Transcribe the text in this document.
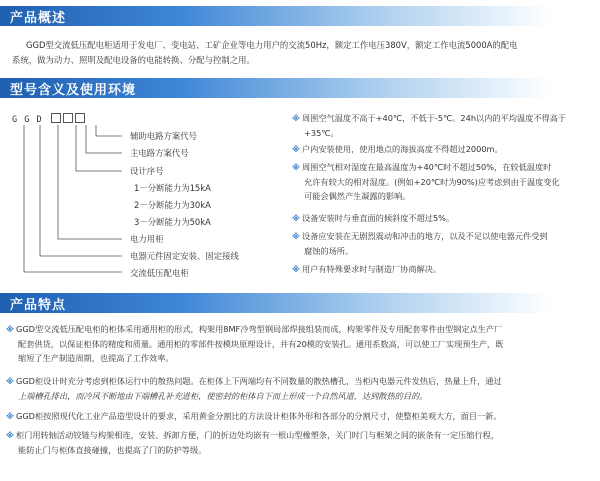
产品概述
GGD型交流低压配电柜适用于发电厂、变电站、工矿企业等电力用户的交流50Hz，额定工作电压380V，额定工作电流5000A的配电
系统，做为动力、照明及配电设备的电能转换、分配与控制之用。
型号含义及使用环境
G G D
辅助电路方案代号
主电路方案代号
设计序号
1－分断能力为15kA
2－分断能力为30kA
3－分断能力为50kA
电力用柜
电器元件固定安装、固定接线
交流低压配电柜
※ 周围空气温度不高于+40℃，不低于-5℃。24h以内的平均温度不得高于
+35℃。
※ 户内安装使用，使用地点的海拔高度不得超过2000m。
※ 周围空气相对湿度在最高温度为+40℃时不超过50%，在较低温度时
允许有较大的相对湿度。(例如+20℃时为90%)应考虑到由于温度变化
可能会偶然产生凝露的影响。
※ 设备安装时与垂直面的倾斜度不超过5%。
※ 设备应安装在无剧烈震动和冲击的地方，以及不足以使电器元件受到
腐蚀的场所。
※ 用户有特殊要求时与制造厂协商解决。
产品特点
※ GGD型交流低压配电柜的柜体采用通用柜的形式，构架用8MF冷弯型钢局部焊接组装而成，构架零件及专用配套零件由型钢定点生产厂
配套供货，以保证柜体的精度和质量。通用柜的零部件按模块原理设计，并有20模的安装孔。通用系数高，可以使工厂实现预生产，既
缩短了生产制造周期，也提高了工作效率。
※ GGD柜设计时充分考虑到柜体运行中的散热问题。在柜体上下两端均有不同数量的散热槽孔，当柜内电器元件发热后，热量上升，通过
上端槽孔排出，而冷风不断地由下端槽孔补充进柜，使密封的柜体自下而上形成一个自然风道，达到散热的目的。
※ GGD柜按照现代化工业产品造型设计的要求，采用黄金分割比的方法设计柜体外形和各部分的分割尺寸，使整柜美观大方，面目一新。
※ 柜门用转轴活动铰链与构架相连，安装、拆卸方便，门的折边处均嵌有一根山型橡塑条，关门时门与框架之间的嵌条有一定压缩行程，
能防止门与柜体直接碰撞，也提高了门的防护等级。
